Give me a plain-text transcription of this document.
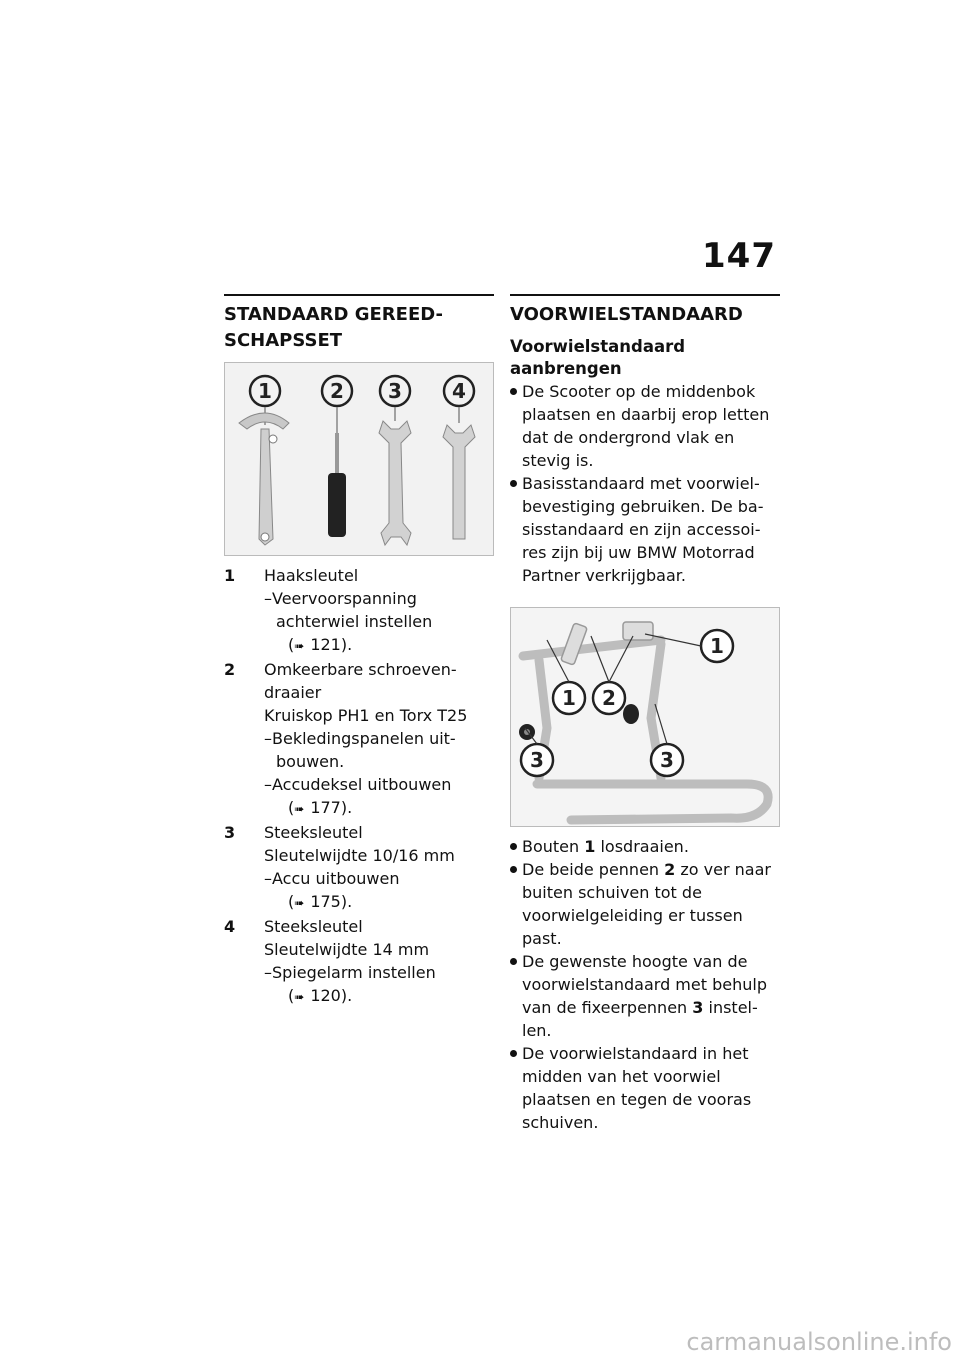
147
STANDAARD GEREED- SCHAPSSET
1	2 3	4
1	Haaksleutel
–Veervoorspanning achterwiel instellen
(➠ 121).
2	Omkeerbare schroeven- draaier
Kruiskop PH1 en Torx T25
–Bekledingspanelen uit- bouwen.
–Accudeksel uitbouwen
(➠ 177).
3	Steeksleutel
Sleutelwijdte 10/16 mm
–Accu uitbouwen
(➠ 175).
4	Steeksleutel
Sleutelwijdte 14 mm
–Spiegelarm instellen
(➠ 120).
VOORWIELSTANDAARD
Voorwielstandaard aanbrengen
De Scooter op de middenbok plaatsen en daarbij erop letten dat de ondergrond vlak en stevig is.
Basisstandaard met voorwiel- bevestiging gebruiken. De ba- sisstandaard en zijn accessoi- res zijn bij uw BMW Motorrad Partner verkrijgbaar.
1
1 2
3	3
Bouten 1 losdraaien.
De beide pennen 2 zo ver naar buiten schuiven tot de voorwielgeleiding er tussen past.
De gewenste hoogte van de voorwielstandaard met behulp van de fixeerpennen 3 instel- len.
De voorwielstandaard in het midden van het voorwiel plaatsen en tegen de vooras schuiven.
carmanualsonline.info
